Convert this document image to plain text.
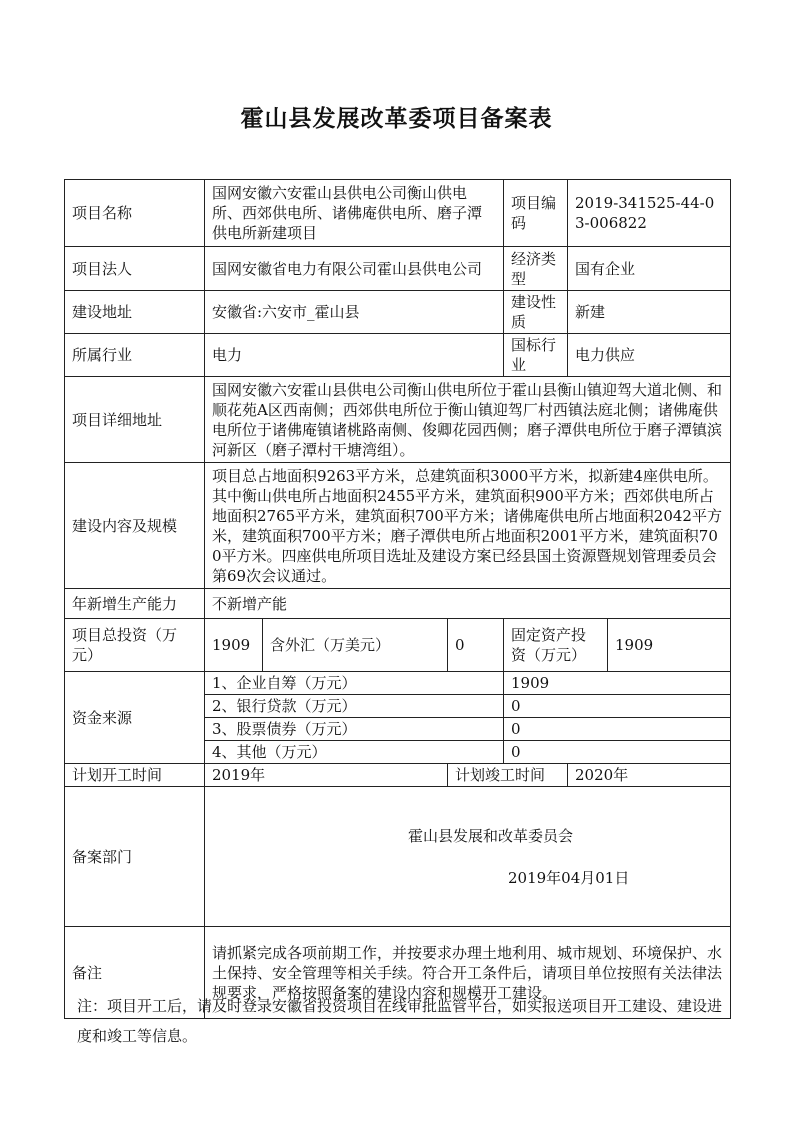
霍山县发展改革委项目备案表
项目名称	国网安徽六安霍山县供电公司衡山供电所、西郊供电所、诸佛庵供电所、磨子潭供电所新建项目			项目编码	2019-341525-44-03-006822	
项目法人	国网安徽省电力有限公司霍山县供电公司			经济类型	国有企业	
建设地址	安徽省:六安市_霍山县			建设性质	新建	
所属行业	电力			国标行业	电力供应	
项目详细地址	国网安徽六安霍山县供电公司衡山供电所位于霍山县衡山镇迎驾大道北侧、和顺花苑A区西南侧；西郊供电所位于衡山镇迎驾厂村西镇法庭北侧；诸佛庵供电所位于诸佛庵镇诸桃路南侧、俊卿花园西侧；磨子潭供电所位于磨子潭镇滨河新区（磨子潭村干塘湾组）。					
建设内容及规模	项目总占地面积9263平方米，总建筑面积3000平方米，拟新建4座供电所。其中衡山供电所占地面积2455平方米，建筑面积900平方米；西郊供电所占地面积2765平方米，建筑面积700平方米；诸佛庵供电所占地面积2042平方米，建筑面积700平方米；磨子潭供电所占地面积2001平方米，建筑面积700平方米。四座供电所项目选址及建设方案已经县国土资源暨规划管理委员会第69次会议通过。					
年新增生产能力	不新增产能					
项目总投资（万元）	1909	含外汇（万美元）	0	固定资产投资（万元）		1909
资金来源	1、企业自筹（万元）			1909		
	2、银行贷款（万元）			0		
	3、股票债券（万元）			0		
	4、其他（万元）			0		
计划开工时间	2019年		计划竣工时间		2020年	
备案部门	霍山县发展和改革委员会
2019年04月01日					

备注	请抓紧完成各项前期工作，并按要求办理土地利用、城市规划、环境保护、水土保持、安全管理等相关手续。符合开工条件后，请项目单位按照有关法律法规要求，严格按照备案的建设内容和规模开工建设。					
注：项目开工后，请及时登录安徽省投资项目在线审批监管平台，如实报送项目开工建设、建设进度和竣工等信息。
